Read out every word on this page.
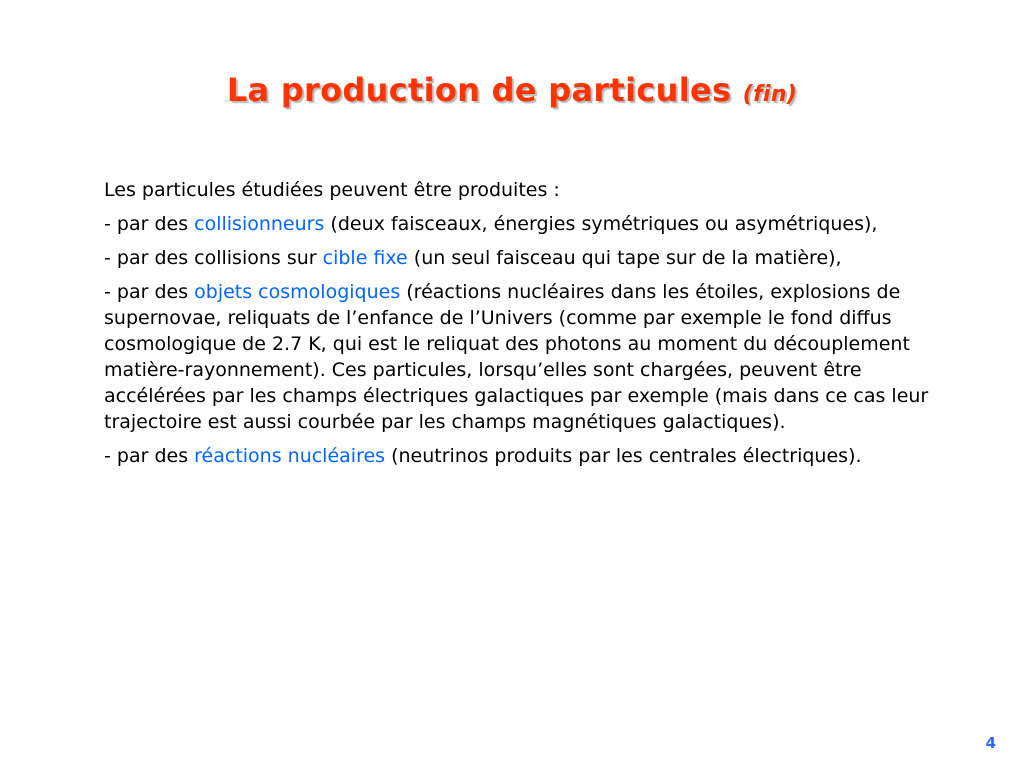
La production de particules (fin)

Les particules étudiées peuvent être produites :

- par des collisionneurs (deux faisceaux, énergies symétriques ou asymétriques),

- par des collisions sur cible fixe (un seul faisceau qui tape sur de la matière),

- par des objets cosmologiques (réactions nucléaires dans les étoiles, explosions de supernovae, reliquats de l’enfance de l’Univers (comme par exemple le fond diffus cosmologique de 2.7 K, qui est le reliquat des photons au moment du découplement matière-rayonnement). Ces particules, lorsqu’elles sont chargées, peuvent être accélérées par les champs électriques galactiques par exemple (mais dans ce cas leur trajectoire est aussi courbée par les champs magnétiques galactiques).

- par des réactions nucléaires (neutrinos produits par les centrales électriques).

4
